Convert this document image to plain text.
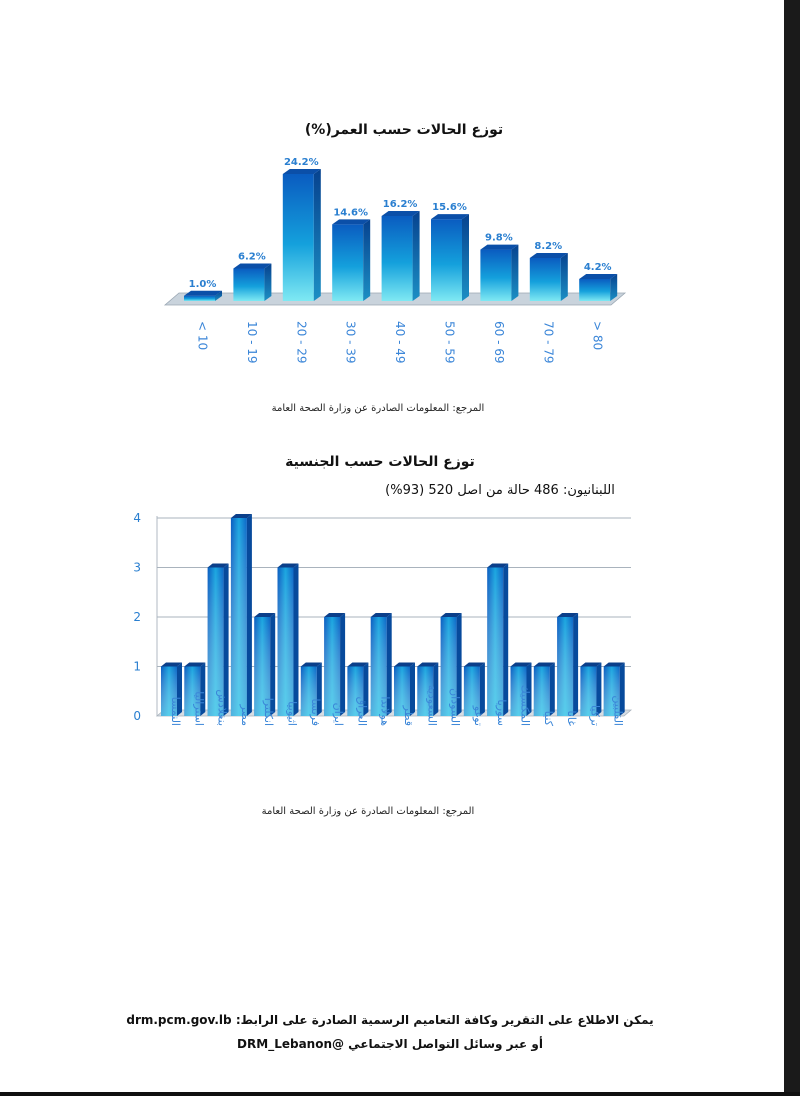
توزع الحالات حسب العمر(%)
1.0%
6.2%
24.2%
14.6%
16.2% 15.6%
9.8%
8.2%
4.2%
< 10	10 - 19	20 - 29	30 - 39	40 - 49	50 - 59	60 - 69	70 - 79	> 80
المرجع: المعلومات الصادرة عن وزارة الصحة العامة
توزع الحالات حسب الجنسية
اللبنانيون: 486 حالة من اصل 520 (93%)
0
1
2
3
4
النمسا استراليا بنغلادش مصر انكلترا اثيوبيا فرنسا ايران العراق هولاندا قطر السعودية السودان توغو سوريا المكسيك كنيا غانا تركيا الفلبين
المرجع: المعلومات الصادرة عن وزارة الصحة العامة
يمكن الاطلاع على التقرير وكافة التعاميم الرسمية الصادرة على الرابط: drm.pcm.gov.lb
أو عبر وسائل التواصل الاجتماعي @DRM_Lebanon
